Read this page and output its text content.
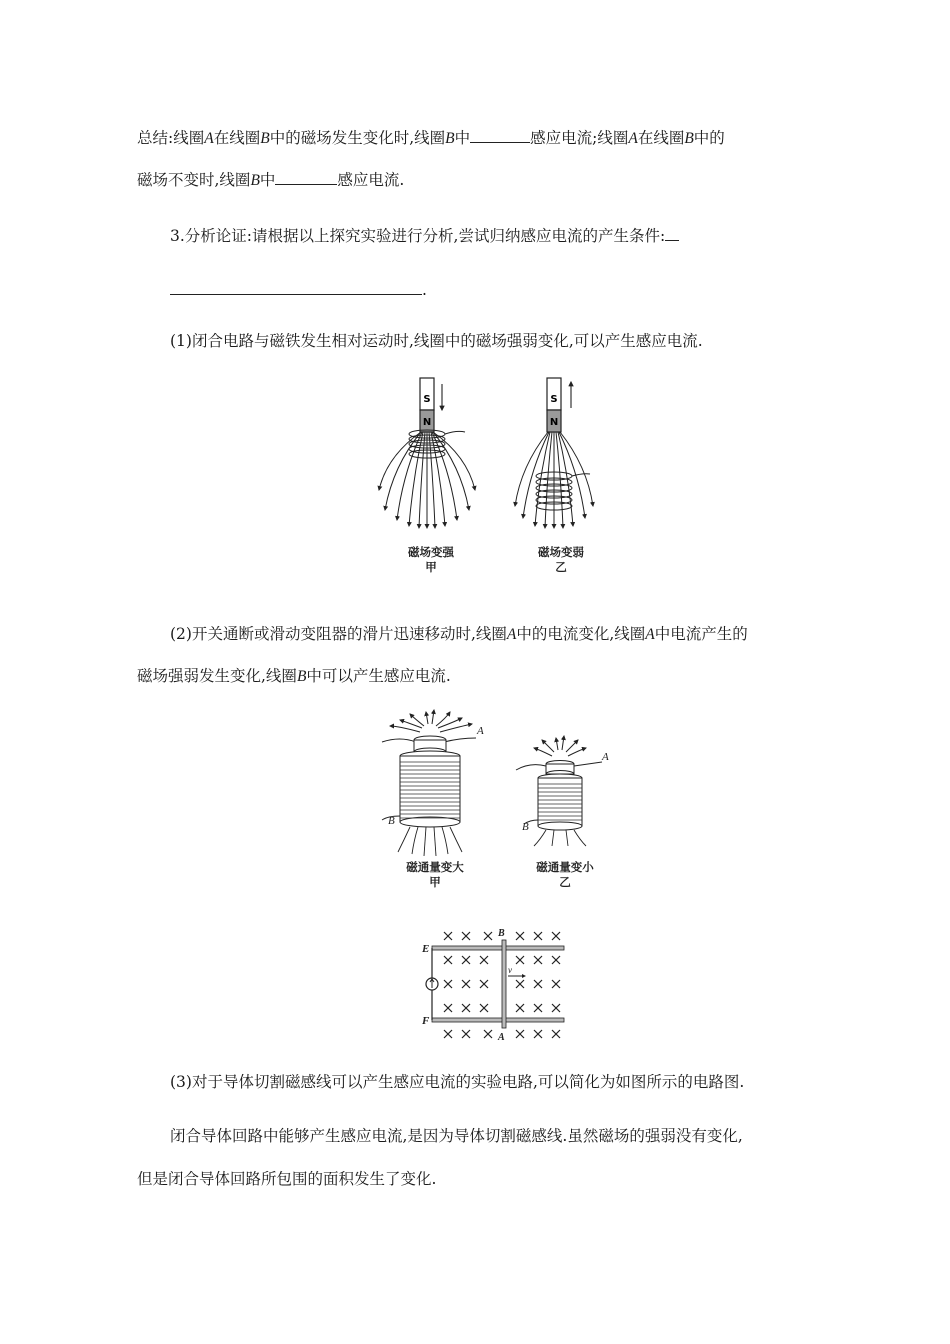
总结:线圈A在线圈B中的磁场发生变化时,线圈B中	感应电流;线圈A在线圈B中的
磁场不变时,线圈B中	感应电流.
3.分析论证:请根据以上探究实验进行分析,尝试归纳感应电流的产生条件:
.
(1)闭合电路与磁铁发生相对运动时,线圈中的磁场强弱变化,可以产生感应电流.
S
N
S
N
磁场变强
甲
磁场变弱
乙
(2)开关通断或滑动变阻器的滑片迅速移动时,线圈A中的电流变化,线圈A中电流产生的
磁场强弱发生变化,线圈B中可以产生感应电流.
A
B
A
B
磁通量变大
甲
磁通量变小
乙
v
E
F
B
A
(3)对于导体切割磁感线可以产生感应电流的实验电路,可以简化为如图所示的电路图.
闭合导体回路中能够产生感应电流,是因为导体切割磁感线.虽然磁场的强弱没有变化,
但是闭合导体回路所包围的面积发生了变化.
